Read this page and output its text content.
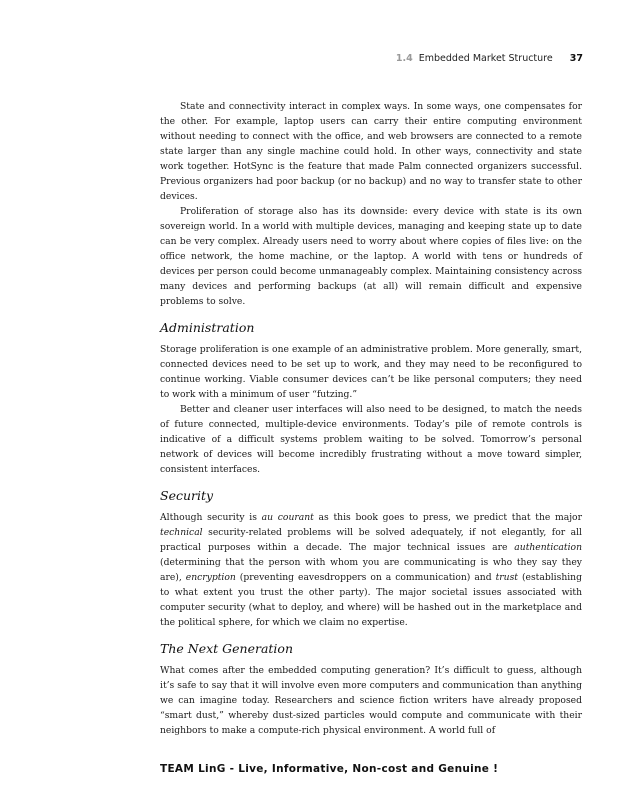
1.4 Embedded Market Structure 37

State and connectivity interact in complex ways. In some ways, one compensates for the other. For example, laptop users can carry their entire computing environment without needing to connect with the office, and web browsers are connected to a remote state larger than any single machine could hold. In other ways, connectivity and state work together. HotSync is the feature that made Palm connected organizers successful. Previous organizers had poor backup (or no backup) and no way to transfer state to other devices.

Proliferation of storage also has its downside: every device with state is its own sovereign world. In a world with multiple devices, managing and keeping state up to date can be very complex. Already users need to worry about where copies of files live: on the office network, the home machine, or the laptop. A world with tens or hundreds of devices per person could become unmanageably complex. Maintaining consistency across many devices and performing backups (at all) will remain difficult and expensive problems to solve.

Administration

Storage proliferation is one example of an administrative problem. More generally, smart, connected devices need to be set up to work, and they may need to be reconfigured to continue working. Viable consumer devices can’t be like personal computers; they need to work with a minimum of user “futzing.”

Better and cleaner user interfaces will also need to be designed, to match the needs of future connected, multiple-device environments. Today’s pile of remote controls is indicative of a difficult systems problem waiting to be solved. Tomorrow’s personal network of devices will become incredibly frustrating without a move toward simpler, consistent interfaces.

Security

Although security is au courant as this book goes to press, we predict that the major technical security-related problems will be solved adequately, if not elegantly, for all practical purposes within a decade. The major technical issues are authentication (determining that the person with whom you are communicating is who they say they are), encryption (preventing eavesdroppers on a communication) and trust (establishing to what extent you trust the other party). The major societal issues associated with computer security (what to deploy, and where) will be hashed out in the marketplace and the political sphere, for which we claim no expertise.

The Next Generation

What comes after the embedded computing generation? It’s difficult to guess, although it’s safe to say that it will involve even more computers and communication than anything we can imagine today. Researchers and science fiction writers have already proposed “smart dust,” whereby dust-sized particles would compute and communicate with their neighbors to make a compute-rich physical environment. A world full of

TEAM LinG - Live, Informative, Non-cost and Genuine !
